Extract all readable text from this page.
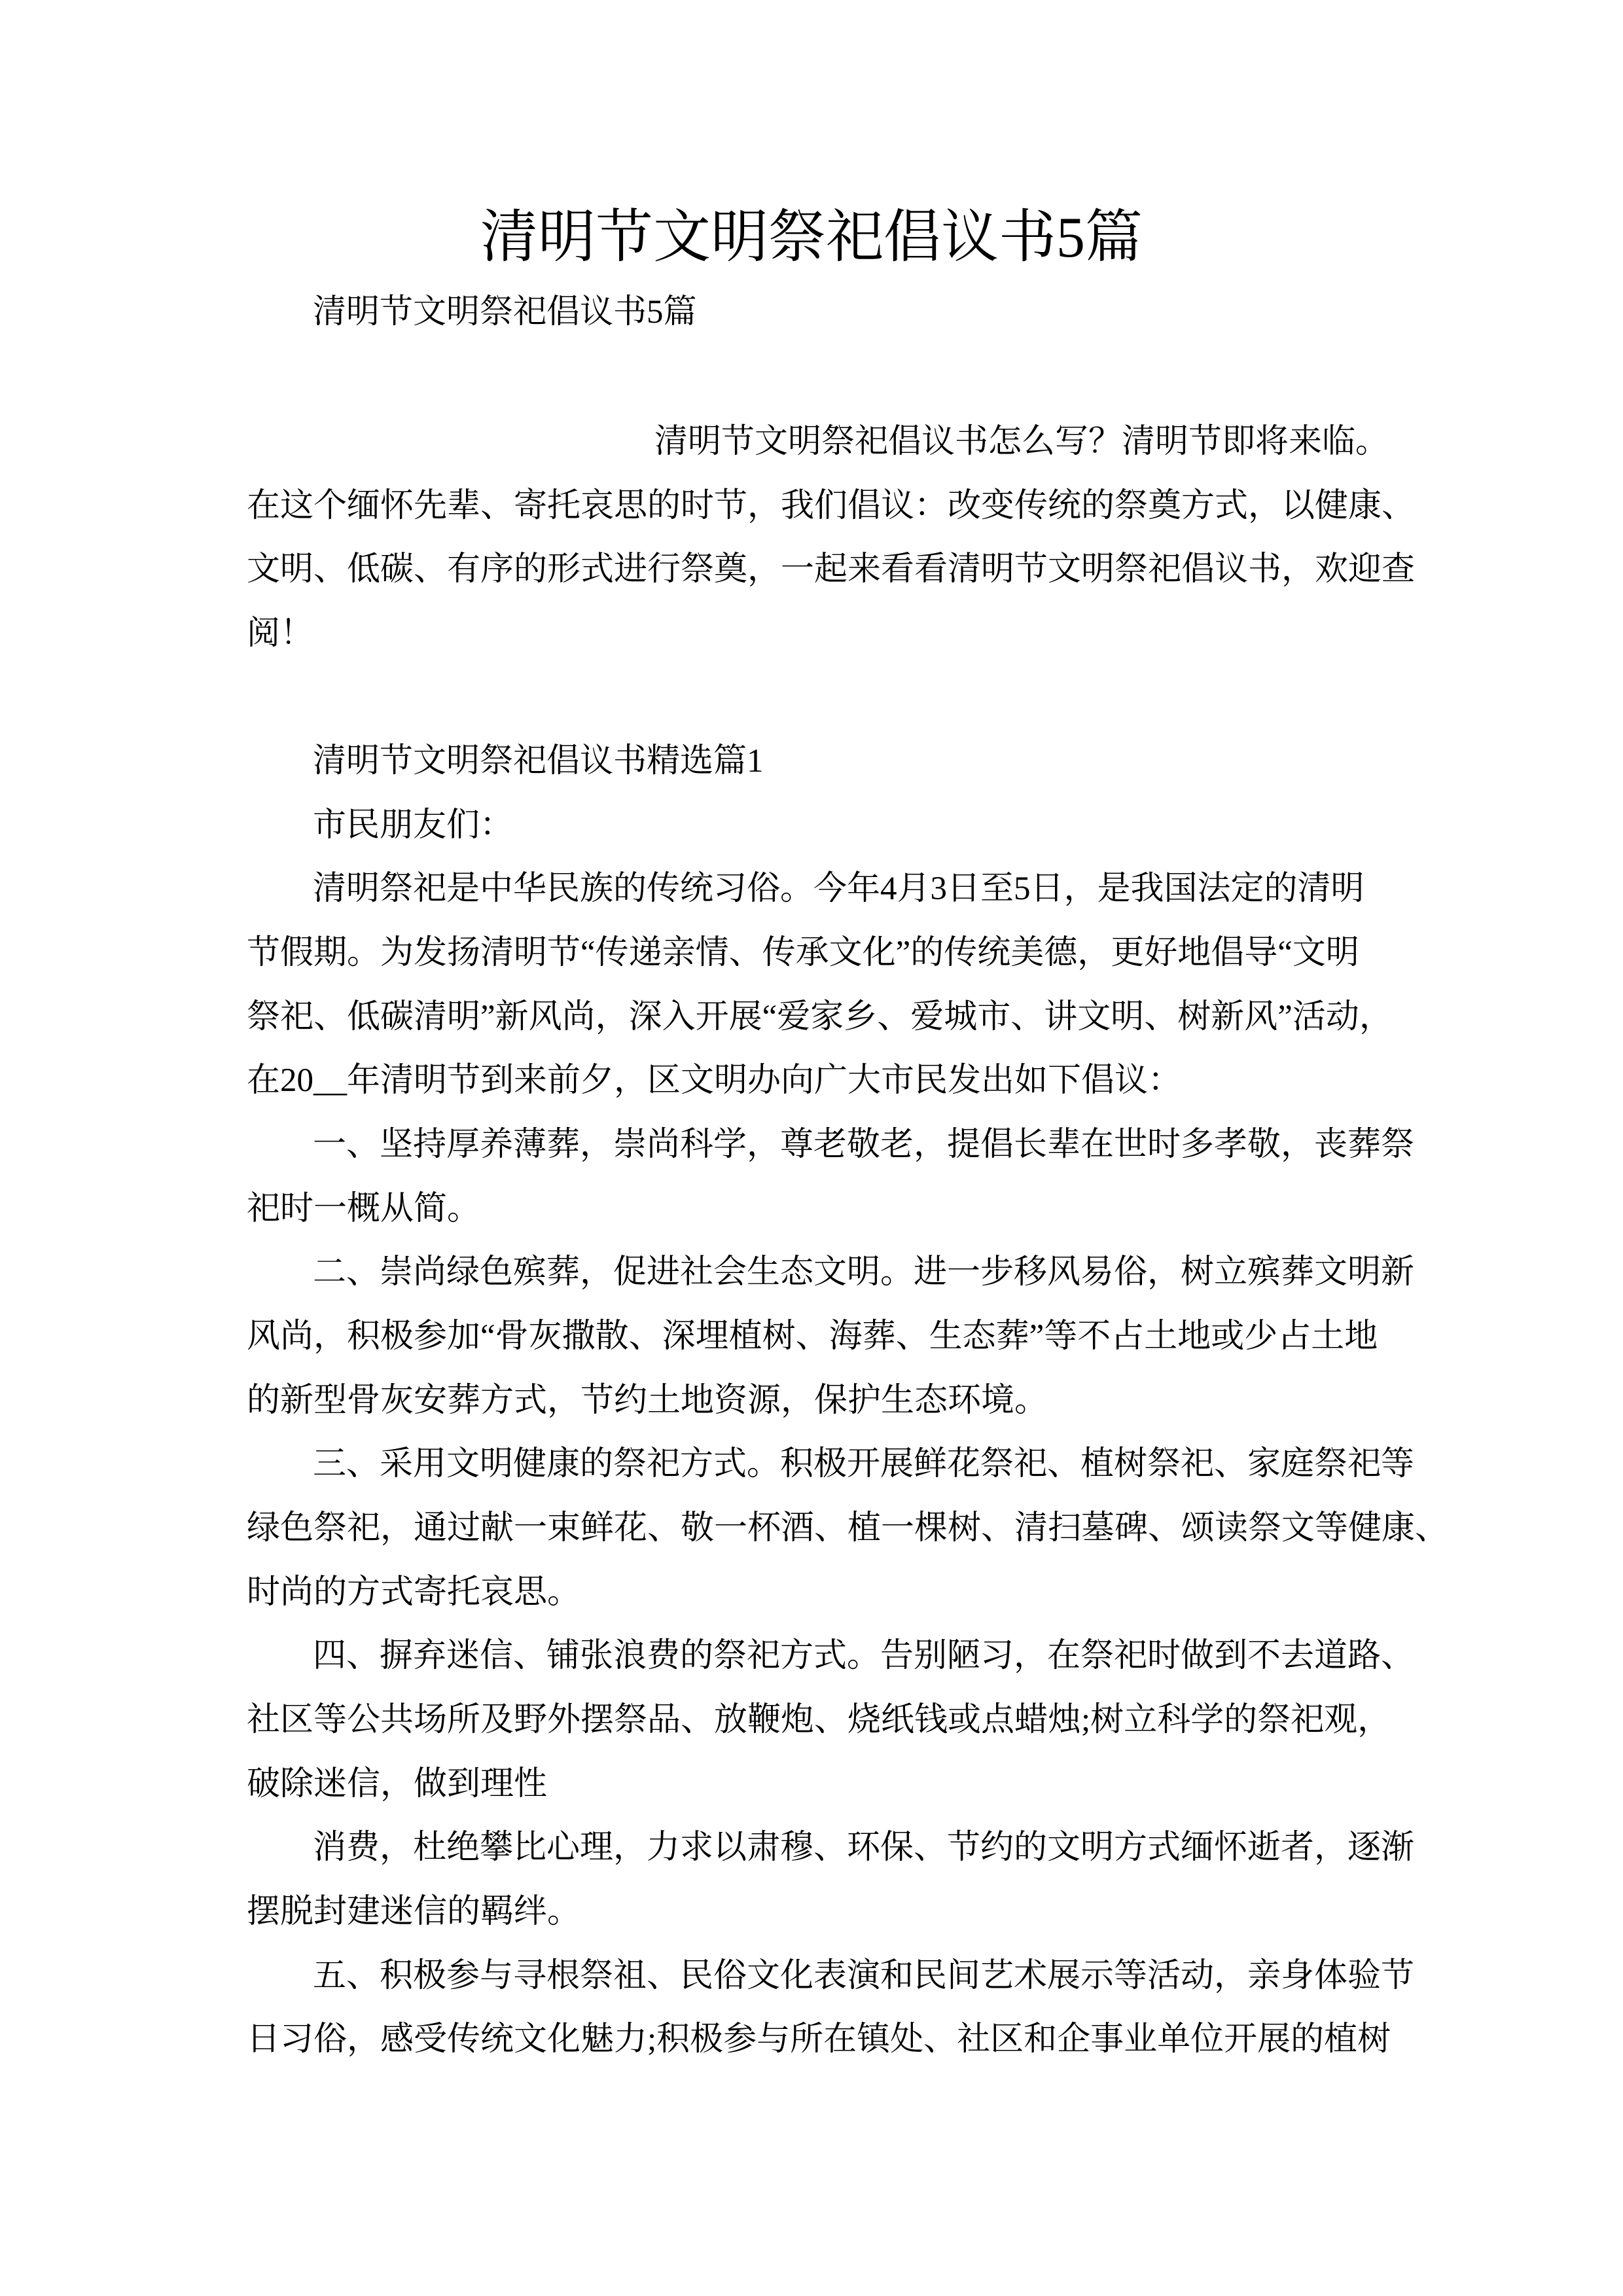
清明节文明祭祀倡议书5篇
清明节文明祭祀倡议书5篇
清明节文明祭祀倡议书怎么写？清明节即将来临。
在这个缅怀先辈、寄托哀思的时节，我们倡议：改变传统的祭奠方式，以健康、
文明、低碳、有序的形式进行祭奠，一起来看看清明节文明祭祀倡议书，欢迎查
阅！
清明节文明祭祀倡议书精选篇1
市民朋友们：
清明祭祀是中华民族的传统习俗。今年4月3日至5日，是我国法定的清明
节假期。为发扬清明节“传递亲情、传承文化”的传统美德，更好地倡导“文明
祭祀、低碳清明”新风尚，深入开展“爱家乡、爱城市、讲文明、树新风”活动，
在20__年清明节到来前夕，区文明办向广大市民发出如下倡议：
一、坚持厚养薄葬，崇尚科学，尊老敬老，提倡长辈在世时多孝敬，丧葬祭
祀时一概从简。
二、崇尚绿色殡葬，促进社会生态文明。进一步移风易俗，树立殡葬文明新
风尚，积极参加“骨灰撒散、深埋植树、海葬、生态葬”等不占土地或少占土地
的新型骨灰安葬方式，节约土地资源，保护生态环境。
三、采用文明健康的祭祀方式。积极开展鲜花祭祀、植树祭祀、家庭祭祀等
绿色祭祀，通过献一束鲜花、敬一杯酒、植一棵树、清扫墓碑、颂读祭文等健康、
时尚的方式寄托哀思。
四、摒弃迷信、铺张浪费的祭祀方式。告别陋习，在祭祀时做到不去道路、
社区等公共场所及野外摆祭品、放鞭炮、烧纸钱或点蜡烛;树立科学的祭祀观，
破除迷信，做到理性
消费，杜绝攀比心理，力求以肃穆、环保、节约的文明方式缅怀逝者，逐渐
摆脱封建迷信的羁绊。
五、积极参与寻根祭祖、民俗文化表演和民间艺术展示等活动，亲身体验节
日习俗，感受传统文化魅力;积极参与所在镇处、社区和企事业单位开展的植树
